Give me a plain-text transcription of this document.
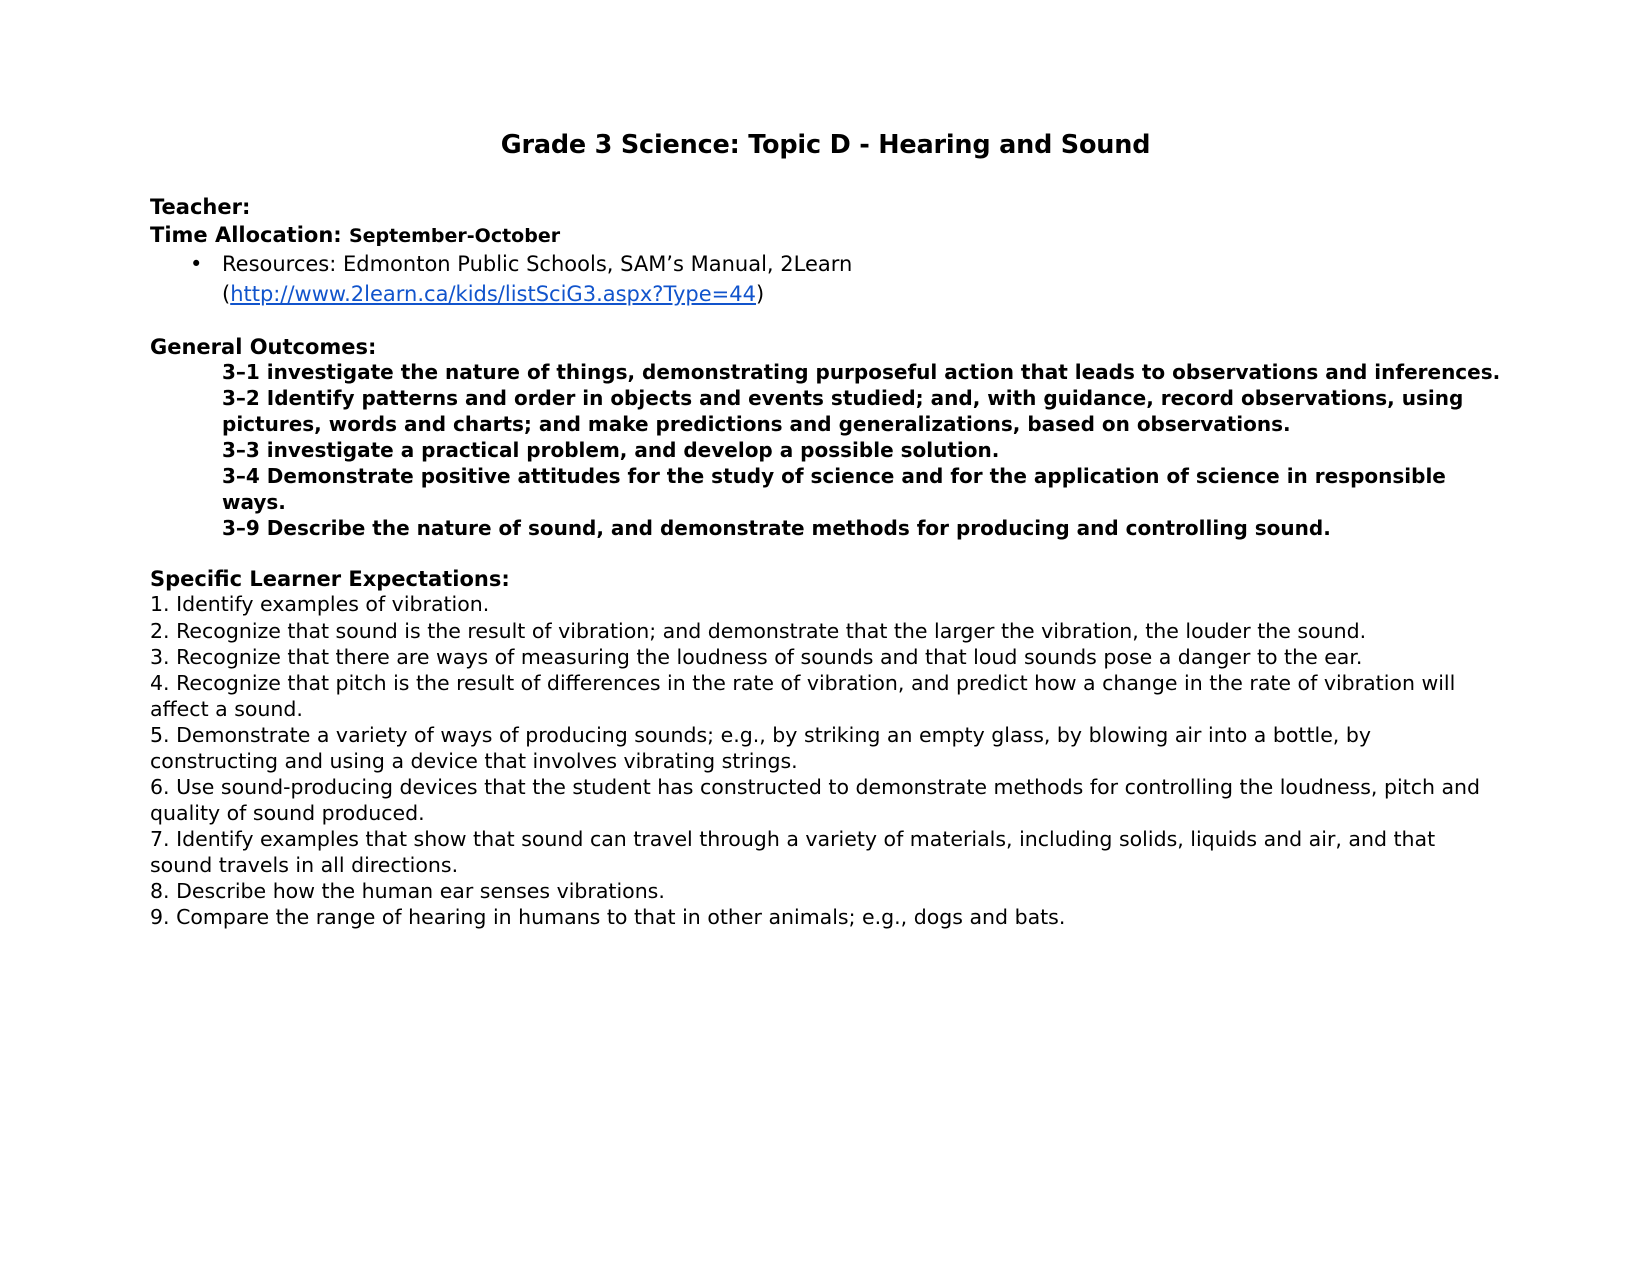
Grade 3 Science: Topic D - Hearing and Sound

Teacher:

Time Allocation: September-October

• Resources: Edmonton Public Schools, SAM’s Manual, 2Learn
(http://www.2learn.ca/kids/listSciG3.aspx?Type=44)

General Outcomes:

3–1 investigate the nature of things, demonstrating purposeful action that leads to observations and inferences.

3–2 Identify patterns and order in objects and events studied; and, with guidance, record observations, using pictures, words and charts; and make predictions and generalizations, based on observations.

3–3 investigate a practical problem, and develop a possible solution.

3–4 Demonstrate positive attitudes for the study of science and for the application of science in responsible ways.

3–9 Describe the nature of sound, and demonstrate methods for producing and controlling sound.

Specific Learner Expectations:

1. Identify examples of vibration.

2. Recognize that sound is the result of vibration; and demonstrate that the larger the vibration, the louder the sound.

3. Recognize that there are ways of measuring the loudness of sounds and that loud sounds pose a danger to the ear.

4. Recognize that pitch is the result of differences in the rate of vibration, and predict how a change in the rate of vibration will affect a sound.

5. Demonstrate a variety of ways of producing sounds; e.g., by striking an empty glass, by blowing air into a bottle, by constructing and using a device that involves vibrating strings.

6. Use sound-producing devices that the student has constructed to demonstrate methods for controlling the loudness, pitch and quality of sound produced.

7. Identify examples that show that sound can travel through a variety of materials, including solids, liquids and air, and that sound travels in all directions.

8. Describe how the human ear senses vibrations.

9. Compare the range of hearing in humans to that in other animals; e.g., dogs and bats.
